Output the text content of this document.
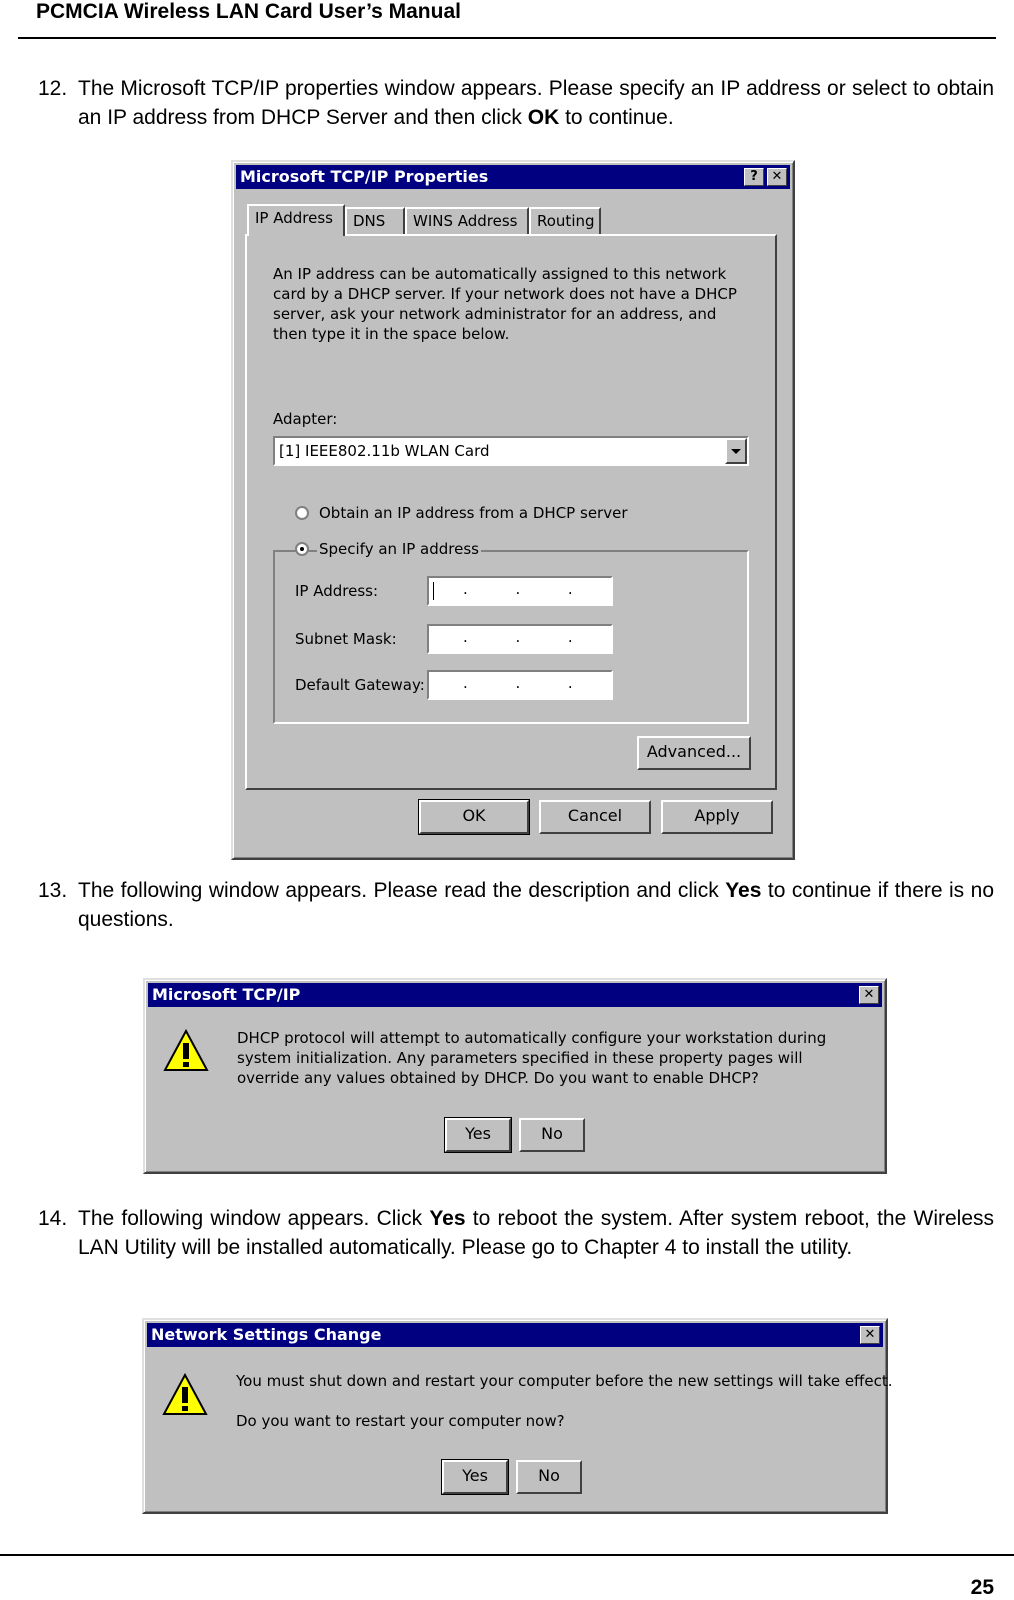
PCMCIA Wireless LAN Card User’s Manual
12. The Microsoft TCP/IP properties window appears. Please specify an IP address or select to obtain an IP address from DHCP Server and then click OK to continue.
Microsoft TCP/IP Properties	?	✕
IP Address	DNS	WINS Address	Routing
An IP address can be automatically assigned to this network card by a DHCP server. If your network does not have a DHCP server, ask your network administrator for an address, and then type it in the space below.
Adapter:
[1] IEEE802.11b WLAN Card
Obtain an IP address from a DHCP server
Specify an IP address
IP Address:	.          .          .
Subnet Mask:	.          .          .
Default Gateway:	.          .          .
Advanced...
OK	Cancel	Apply
13. The following window appears. Please read the description and click Yes to continue if there is no questions.
Microsoft TCP/IP	✕
DHCP protocol will attempt to automatically configure your workstation during system initialization. Any parameters specified in these property pages will override any values obtained by DHCP. Do you want to enable DHCP?
Yes	No
14. The following window appears. Click Yes to reboot the system. After system reboot, the Wireless LAN Utility will be installed automatically. Please go to Chapter 4 to install the utility.
Network Settings Change	✕
You must shut down and restart your computer before the new settings will take effect.
Do you want to restart your computer now?
Yes	No
25
